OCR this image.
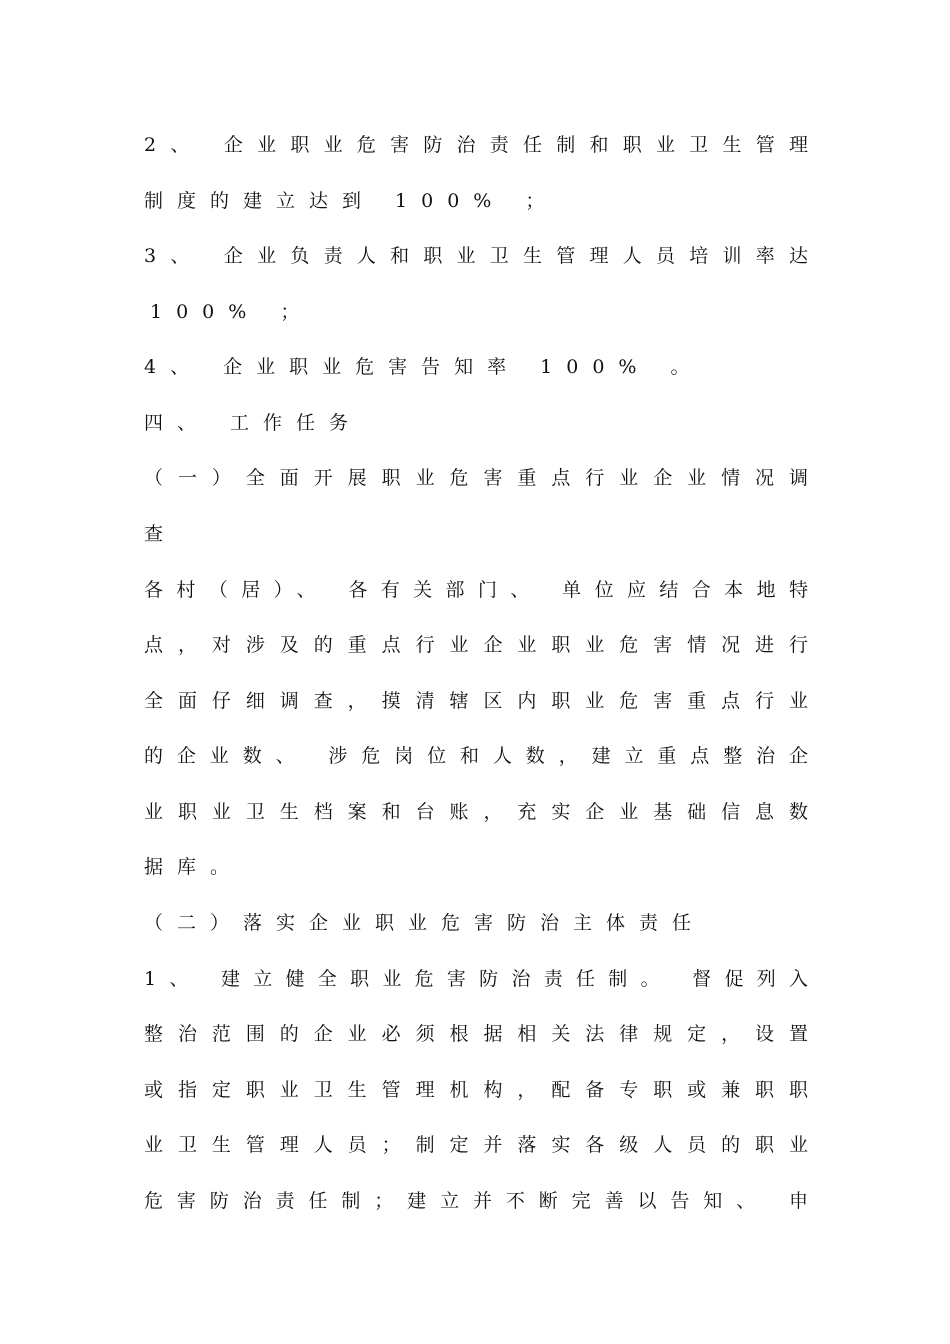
2、 企业职业危害防治责任制和职业卫生管理
制度的建立达到 100% ；
3、 企业负责人和职业卫生管理人员培训率达
100% ；
4、 企业职业危害告知率 100% 。
四、 工作任务
（一）全面开展职业危害重点行业企业情况调
查
各村（居）、 各有关部门、 单位应结合本地特
点，对涉及的重点行业企业职业危害情况进行
全面仔细调查，摸清辖区内职业危害重点行业
的企业数、 涉危岗位和人数，建立重点整治企
业职业卫生档案和台账，充实企业基础信息数
据库。
（二）落实企业职业危害防治主体责任
1、 建立健全职业危害防治责任制。 督促列入
整治范围的企业必须根据相关法律规定，设置
或指定职业卫生管理机构，配备专职或兼职职
业卫生管理人员；制定并落实各级人员的职业
危害防治责任制；建立并不断完善以告知、 申
